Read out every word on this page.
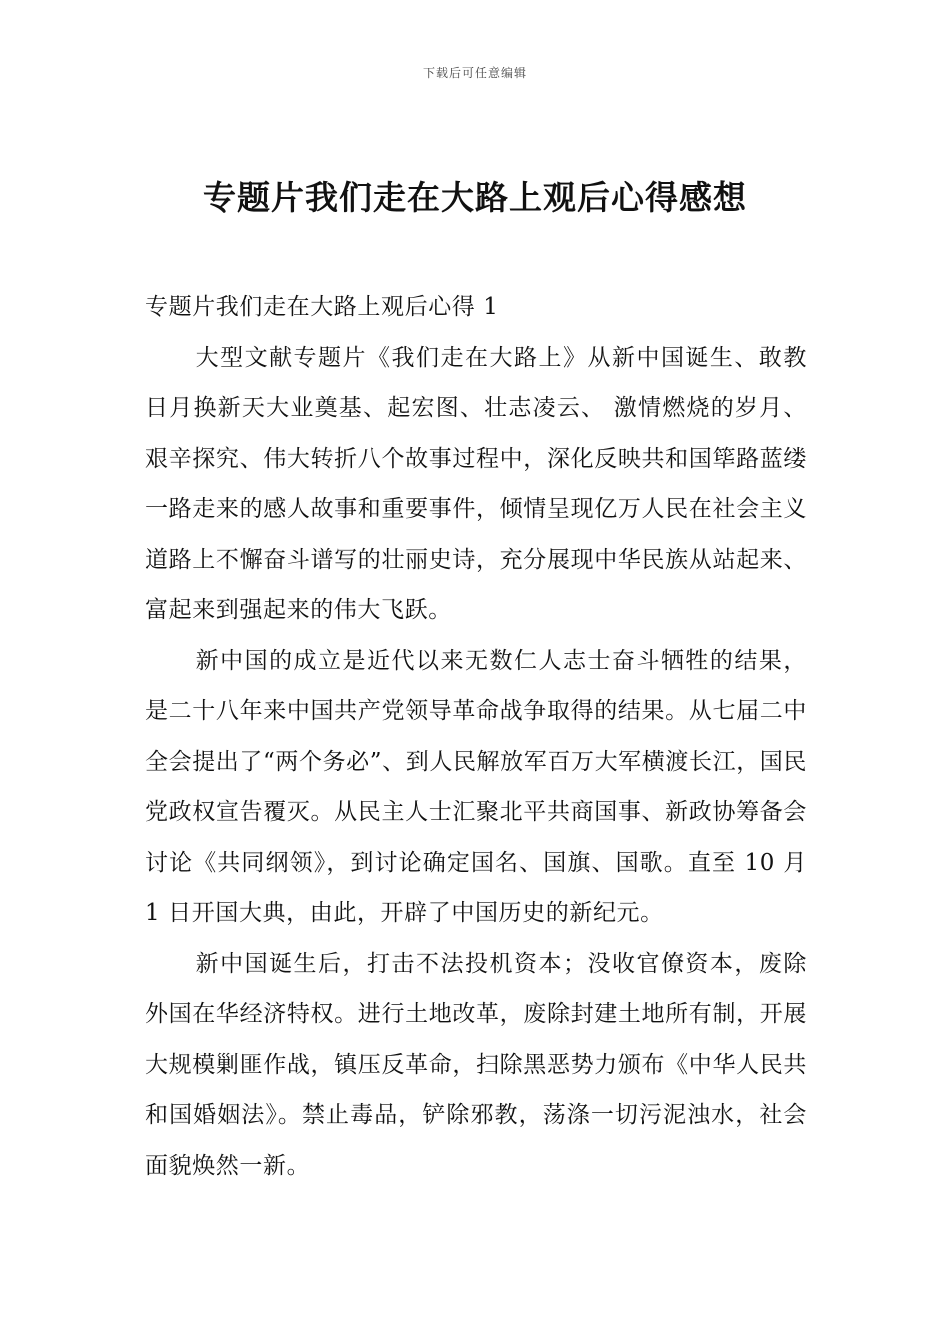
下载后可任意编辑
专题片我们走在大路上观后心得感想
专题片我们走在大路上观后心得 1

大型文献专题片《我们走在大路上》从新中国诞生、敢教日月换新天大业奠基、起宏图、壮志凌云、 激情燃烧的岁月、艰辛探究、伟大转折八个故事过程中，深化反映共和国筚路蓝缕一路走来的感人故事和重要事件，倾情呈现亿万人民在社会主义道路上不懈奋斗谱写的壮丽史诗，充分展现中华民族从站起来、富起来到强起来的伟大飞跃。

新中国的成立是近代以来无数仁人志士奋斗牺牲的结果，是二十八年来中国共产党领导革命战争取得的结果。从七届二中全会提出了“两个务必”、到人民解放军百万大军横渡长江，国民党政权宣告覆灭。从民主人士汇聚北平共商国事、新政协筹备会讨论《共同纲领》，到讨论确定国名、国旗、国歌。直至 10 月 1 日开国大典，由此，开辟了中国历史的新纪元。

新中国诞生后，打击不法投机资本；没收官僚资本，废除外国在华经济特权。进行土地改革，废除封建土地所有制，开展大规模剿匪作战，镇压反革命，扫除黑恶势力颁布《中华人民共和国婚姻法》。禁止毒品，铲除邪教，荡涤一切污泥浊水，社会面貌焕然一新。
